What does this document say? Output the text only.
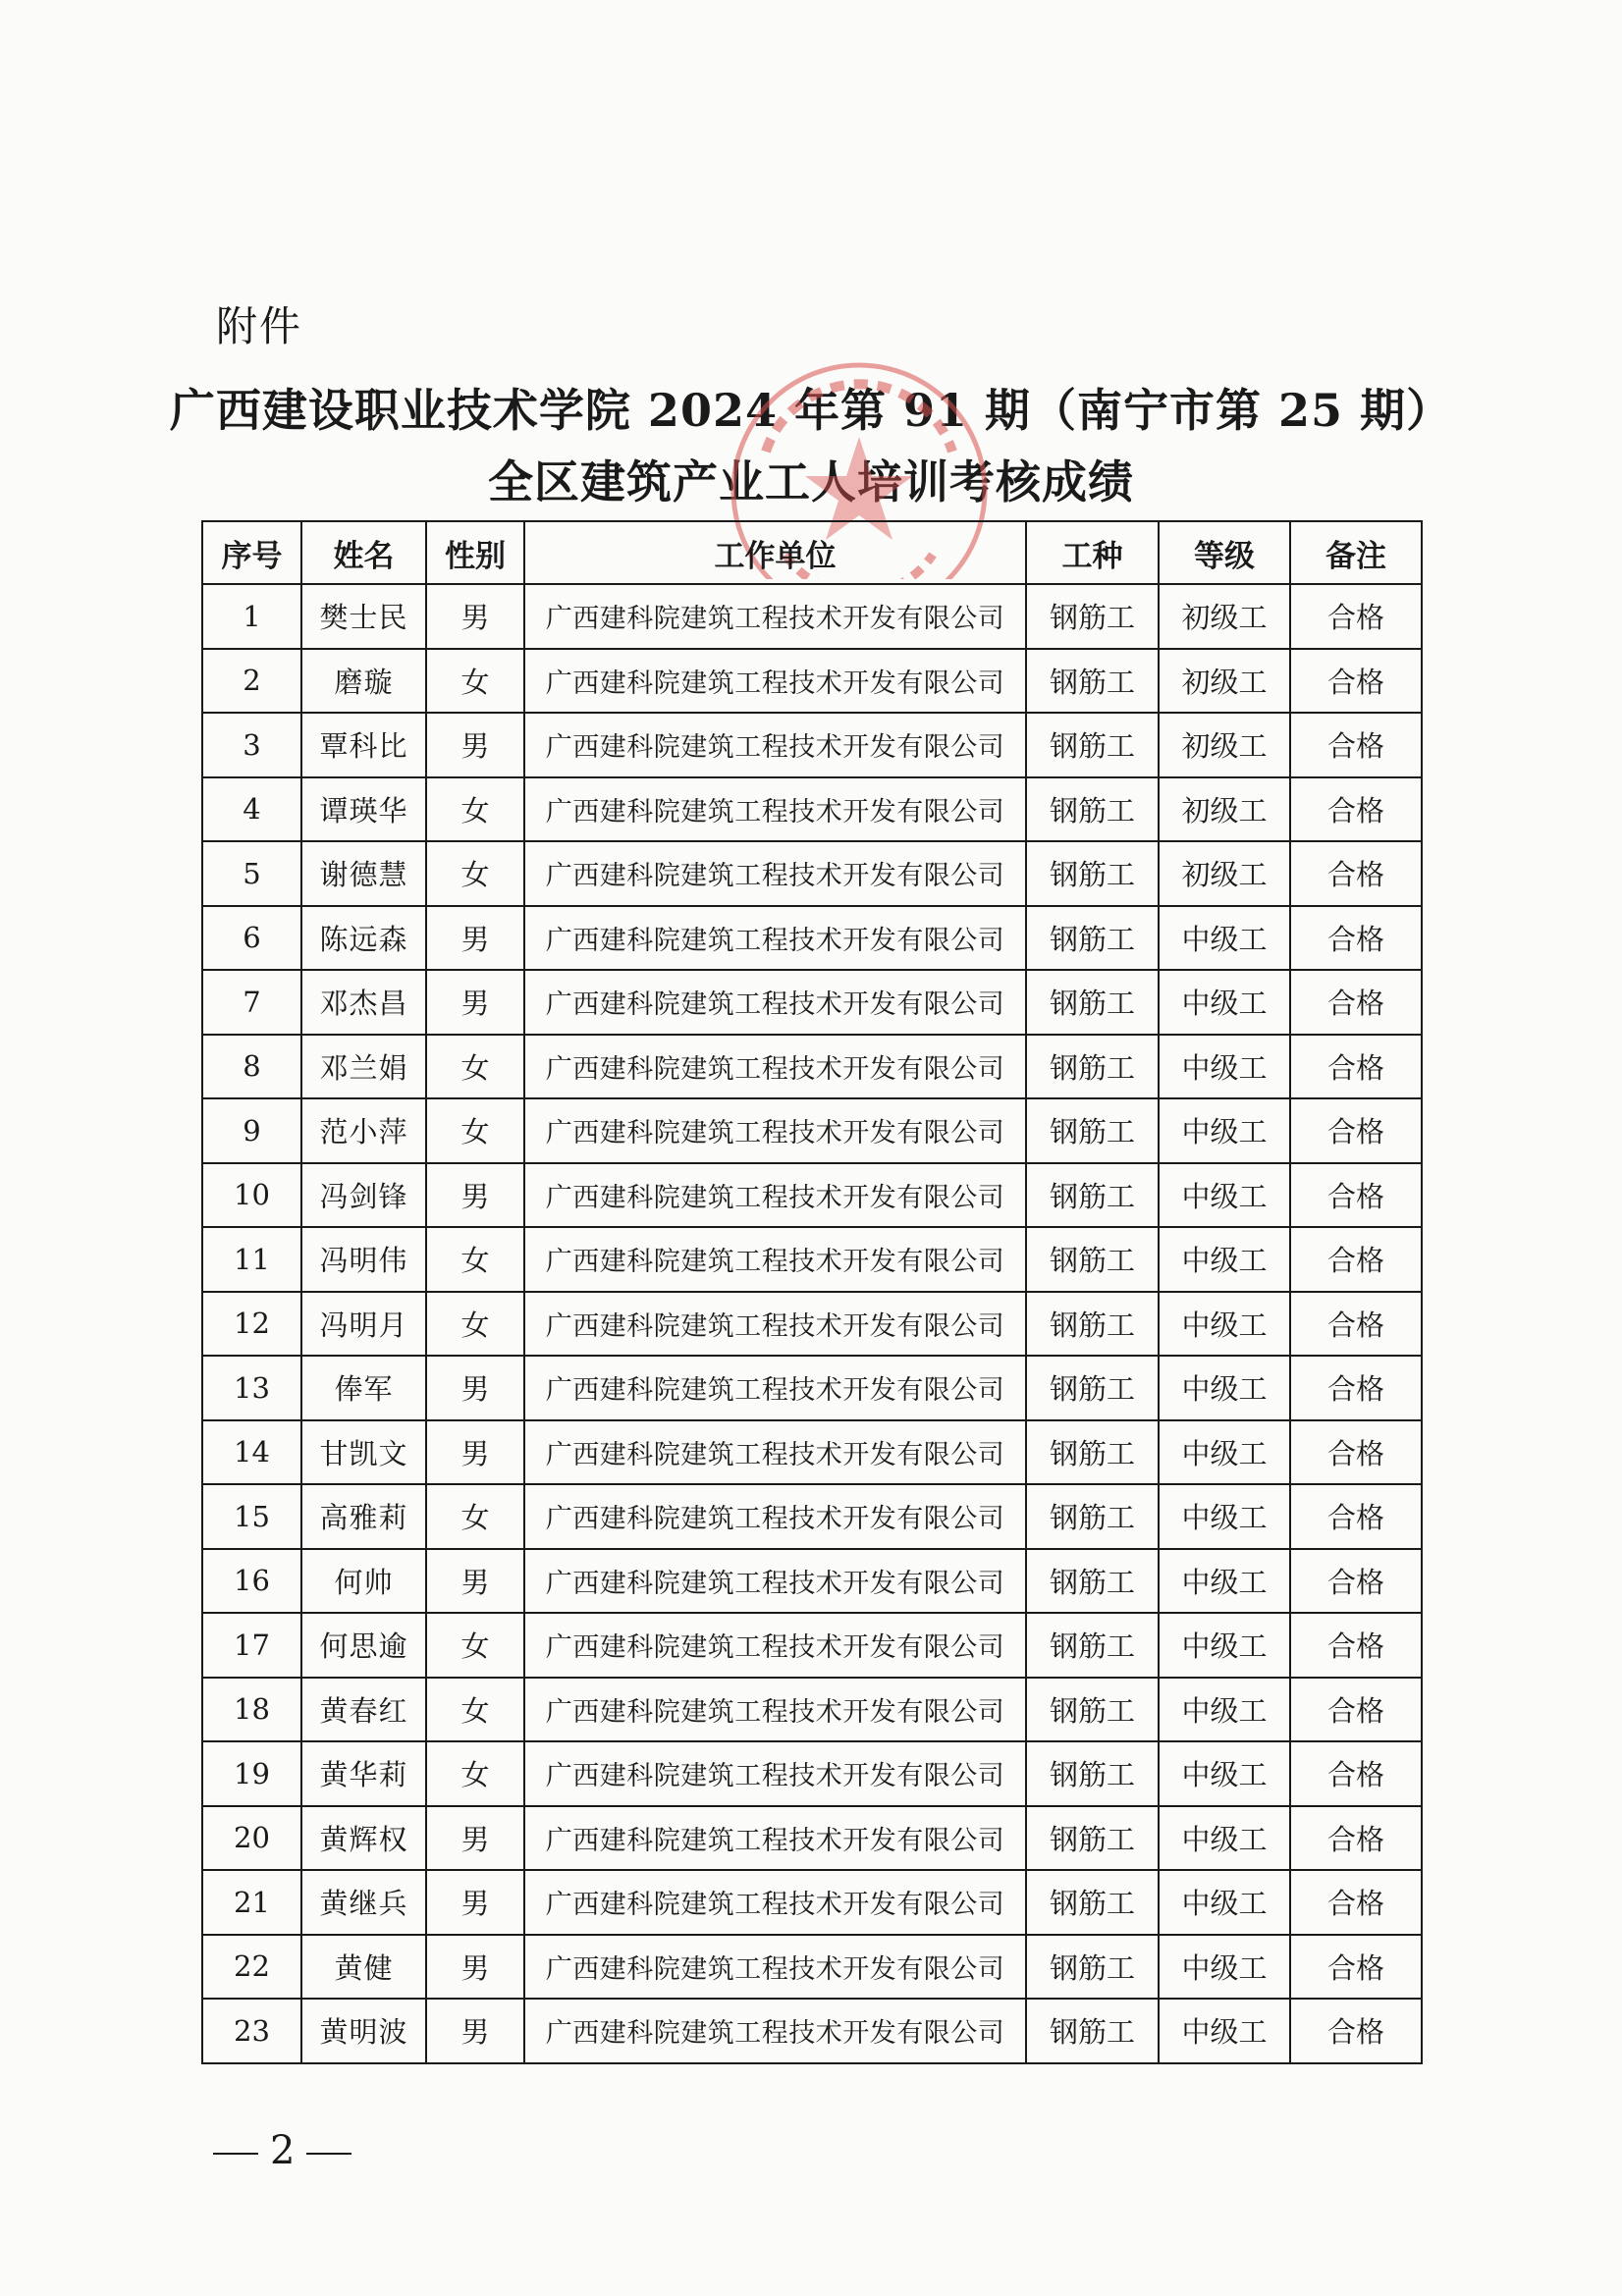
附件
广西建设职业技术学院 2024 年第 91 期（南宁市第 25 期）
全区建筑产业工人培训考核成绩
序号	姓名	性别	工作单位	工种	等级	备注
1	樊士民	男	广西建科院建筑工程技术开发有限公司	钢筋工	初级工	合格
2	磨璇	女	广西建科院建筑工程技术开发有限公司	钢筋工	初级工	合格
3	覃科比	男	广西建科院建筑工程技术开发有限公司	钢筋工	初级工	合格
4	谭瑛华	女	广西建科院建筑工程技术开发有限公司	钢筋工	初级工	合格
5	谢德慧	女	广西建科院建筑工程技术开发有限公司	钢筋工	初级工	合格
6	陈远森	男	广西建科院建筑工程技术开发有限公司	钢筋工	中级工	合格
7	邓杰昌	男	广西建科院建筑工程技术开发有限公司	钢筋工	中级工	合格
8	邓兰娟	女	广西建科院建筑工程技术开发有限公司	钢筋工	中级工	合格
9	范小萍	女	广西建科院建筑工程技术开发有限公司	钢筋工	中级工	合格
10	冯剑锋	男	广西建科院建筑工程技术开发有限公司	钢筋工	中级工	合格
11	冯明伟	女	广西建科院建筑工程技术开发有限公司	钢筋工	中级工	合格
12	冯明月	女	广西建科院建筑工程技术开发有限公司	钢筋工	中级工	合格
13	俸军	男	广西建科院建筑工程技术开发有限公司	钢筋工	中级工	合格
14	甘凯文	男	广西建科院建筑工程技术开发有限公司	钢筋工	中级工	合格
15	高雅莉	女	广西建科院建筑工程技术开发有限公司	钢筋工	中级工	合格
16	何帅	男	广西建科院建筑工程技术开发有限公司	钢筋工	中级工	合格
17	何思逾	女	广西建科院建筑工程技术开发有限公司	钢筋工	中级工	合格
18	黄春红	女	广西建科院建筑工程技术开发有限公司	钢筋工	中级工	合格
19	黄华莉	女	广西建科院建筑工程技术开发有限公司	钢筋工	中级工	合格
20	黄辉权	男	广西建科院建筑工程技术开发有限公司	钢筋工	中级工	合格
21	黄继兵	男	广西建科院建筑工程技术开发有限公司	钢筋工	中级工	合格
22	黄健	男	广西建科院建筑工程技术开发有限公司	钢筋工	中级工	合格
23	黄明波	男	广西建科院建筑工程技术开发有限公司	钢筋工	中级工	合格
2
